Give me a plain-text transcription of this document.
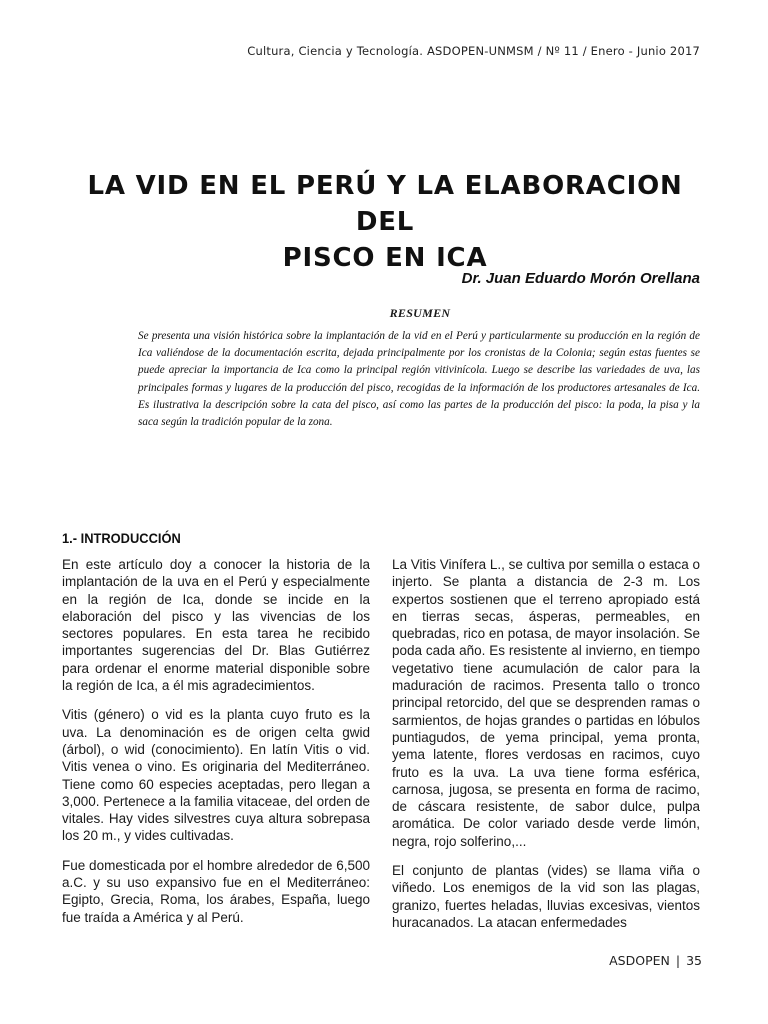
Cultura, Ciencia y Tecnología. ASDOPEN-UNMSM / Nº 11 / Enero - Junio 2017
LA VID EN EL PERÚ Y LA ELABORACION DEL
PISCO EN ICA
Dr. Juan Eduardo Morón Orellana
RESUMEN
Se presenta una visión histórica sobre la implantación de la vid en el Perú y particularmente su producción en la región de Ica valiéndose de la documentación escrita, dejada principalmente por los cronistas de la Colonia; según estas fuentes se puede apreciar la importancia de Ica como la principal región vitivinícola. Luego se describe las variedades de uva, las principales formas y lugares de la producción del pisco, recogidas de la información de los productores artesanales de Ica. Es ilustrativa la descripción sobre la cata del pisco, así como las partes de la producción del pisco: la poda, la pisa y la saca según la tradición popular de la zona.
1.- INTRODUCCIÓN

En este artículo doy a conocer la historia de la implantación de la uva en el Perú y especialmente en la región de Ica, donde se incide en la elaboración del pisco y las vivencias de los sectores populares. En esta tarea he recibido importantes sugerencias del Dr. Blas Gutiérrez para ordenar el enorme material disponible sobre la región de Ica, a él mis agradecimientos.

Vitis (género) o vid es la planta cuyo fruto es la uva. La denominación es de origen celta gwid (árbol), o wid (conocimiento). En latín Vitis o vid. Vitis venea o vino. Es originaria del Mediterráneo. Tiene como 60 especies aceptadas, pero llegan a 3,000. Pertenece a la familia vitaceae, del orden de vitales. Hay vides silvestres cuya altura sobrepasa los 20 m., y vides cultivadas.

Fue domesticada por el hombre alrededor de 6,500 a.C. y su uso expansivo fue en el Mediterráneo: Egipto, Grecia, Roma, los árabes, España, luego fue traída a América y al Perú.

La Vitis Vinífera L., se cultiva por semilla o estaca o injerto. Se planta a distancia de 2-3 m. Los expertos sostienen que el terreno apropiado está en tierras secas, ásperas, permeables, en quebradas, rico en potasa, de mayor insolación. Se poda cada año. Es resistente al invierno, en tiempo vegetativo tiene acumulación de calor para la maduración de racimos. Presenta tallo o tronco principal retorcido, del que se desprenden ramas o sarmientos, de hojas grandes o partidas en lóbulos puntiagudos, de yema principal, yema pronta, yema latente, flores verdosas en racimos, cuyo fruto es la uva. La uva tiene forma esférica, carnosa, jugosa, se presenta en forma de racimo, de cáscara resistente, de sabor dulce, pulpa aromática. De color variado desde verde limón, negra, rojo solferino,...

El conjunto de plantas (vides) se llama viña o viñedo. Los enemigos de la vid son las plagas, granizo, fuertes heladas, lluvias excesivas, vientos huracanados. La atacan enfermedades

ASDOPEN | 35
